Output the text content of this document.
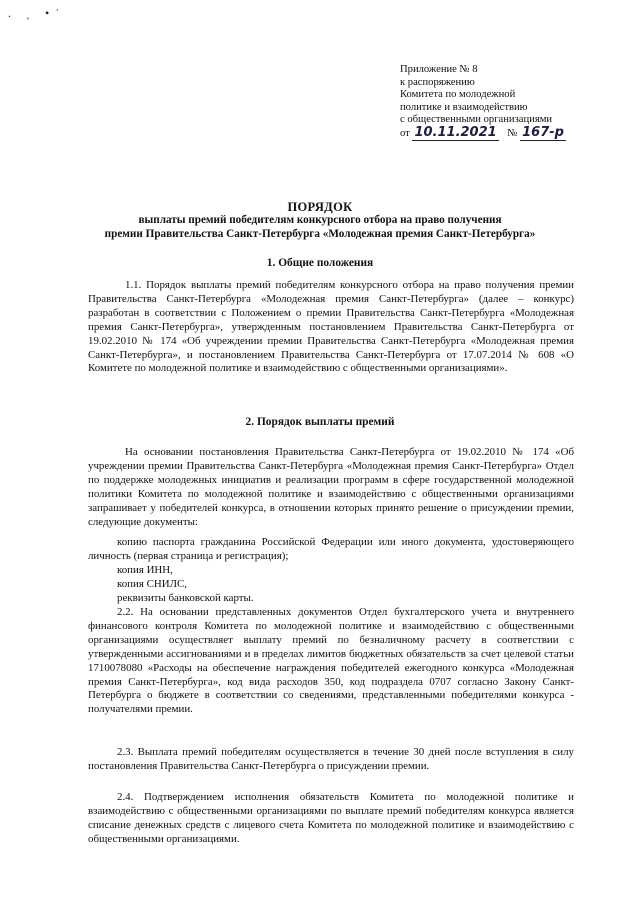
. ˎ •˙
Приложение № 8
к распоряжению
Комитета по молодежной
политике и взаимодействию
с общественными организациями
от 10.11.2021 № 167-р
ПОРЯДОК
выплаты премий победителям конкурсного отбора на право получения
премии Правительства Санкт-Петербурга «Молодежная премия Санкт-Петербурга»
1. Общие положения
1.1. Порядок выплаты премий победителям конкурсного отбора на право получения премии Правительства Санкт-Петербурга «Молодежная премия Санкт-Петербурга» (далее – конкурс) разработан в соответствии с Положением о премии Правительства Санкт-Петербурга «Молодежная премия Санкт-Петербурга», утвержденным постановлением Правительства Санкт-Петербурга от 19.02.2010 № 174 «Об учреждении премии Правительства Санкт-Петербурга «Молодежная премия Санкт-Петербурга», и постановлением Правительства Санкт-Петербурга от 17.07.2014 № 608 «О Комитете по молодежной политике и взаимодействию с общественными организациями».
2. Порядок выплаты премий
На основании постановления Правительства Санкт-Петербурга от 19.02.2010 № 174 «Об учреждении премии Правительства Санкт-Петербурга «Молодежная премия Санкт-Петербурга» Отдел по поддержке молодежных инициатив и реализации программ в сфере государственной молодежной политики Комитета по молодежной политике и взаимодействию с общественными организациями запрашивает у победителей конкурса, в отношении которых принято решение о присуждении премии, следующие документы:
копию паспорта гражданина Российской Федерации или иного документа, удостоверяющего личность (первая страница и регистрация);
копия ИНН,
копия СНИЛС,
реквизиты банковской карты.
2.2. На основании представленных документов Отдел бухгалтерского учета и внутреннего финансового контроля Комитета по молодежной политике и взаимодействию с общественными организациями осуществляет выплату премий по безналичному расчету в соответствии с утвержденными ассигнованиями и в пределах лимитов бюджетных обязательств за счет целевой статьи 1710078080 «Расходы на обеспечение награждения победителей ежегодного конкурса «Молодежная премия Санкт-Петербурга», код вида расходов 350, код подраздела 0707 согласно Закону Санкт-Петербурга о бюджете в соответствии со сведениями, представленными победителями конкурса - получателями премии.
2.3. Выплата премий победителям осуществляется в течение 30 дней после вступления в силу постановления Правительства Санкт-Петербурга о присуждении премии.
2.4. Подтверждением исполнения обязательств Комитета по молодежной политике и взаимодействию с общественными организациями по выплате премий победителям конкурса является списание денежных средств с лицевого счета Комитета по молодежной политике и взаимодействию с общественными организациями.
